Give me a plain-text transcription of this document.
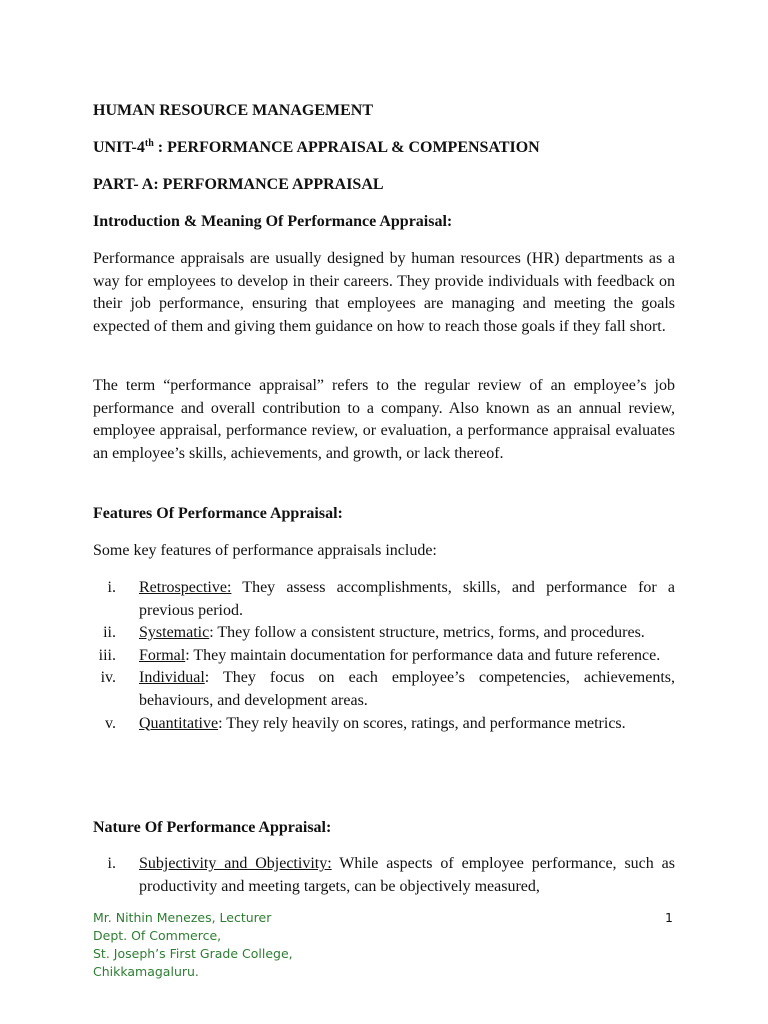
HUMAN RESOURCE MANAGEMENT

UNIT-4th : PERFORMANCE APPRAISAL & COMPENSATION

PART- A: PERFORMANCE APPRAISAL

Introduction & Meaning Of Performance Appraisal:

Performance appraisals are usually designed by human resources (HR) departments as a way for employees to develop in their careers. They provide individuals with feedback on their job performance, ensuring that employees are managing and meeting the goals expected of them and giving them guidance on how to reach those goals if they fall short.

The term “performance appraisal” refers to the regular review of an employee’s job performance and overall contribution to a company. Also known as an annual review, employee appraisal, performance review, or evaluation, a performance appraisal evaluates an employee’s skills, achievements, and growth, or lack thereof.

Features Of Performance Appraisal:

Some key features of performance appraisals include:

i. Retrospective: They assess accomplishments, skills, and performance for a previous period.
ii. Systematic: They follow a consistent structure, metrics, forms, and procedures.
iii. Formal: They maintain documentation for performance data and future reference.
iv. Individual: They focus on each employee’s competencies, achievements, behaviours, and development areas.
v. Quantitative: They rely heavily on scores, ratings, and performance metrics.

Nature Of Performance Appraisal:

i. Subjectivity and Objectivity: While aspects of employee performance, such as productivity and meeting targets, can be objectively measured,
Mr. Nithin Menezes, Lecturer
Dept. Of Commerce,
St. Joseph’s First Grade College,
Chikkamagaluru.
1
